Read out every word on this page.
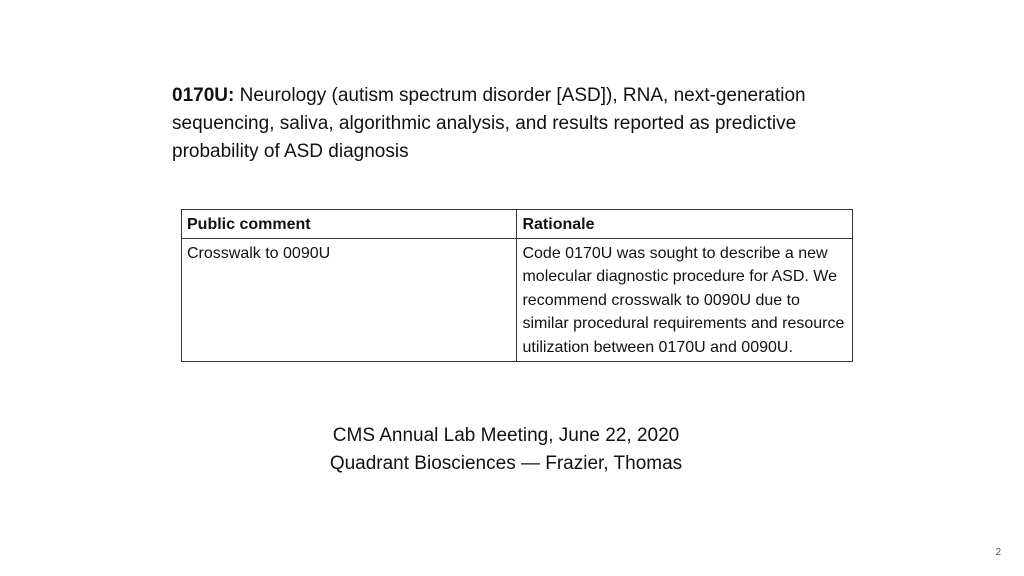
0170U: Neurology (autism spectrum disorder [ASD]), RNA, next-generation sequencing, saliva, algorithmic analysis, and results reported as predictive probability of ASD diagnosis
Public comment	Rationale
Crosswalk to 0090U	Code 0170U was sought to describe a new molecular diagnostic procedure for ASD. We recommend crosswalk to 0090U due to similar procedural requirements and resource utilization between 0170U and 0090U.
CMS Annual Lab Meeting, June 22, 2020
Quadrant Biosciences — Frazier, Thomas
2
